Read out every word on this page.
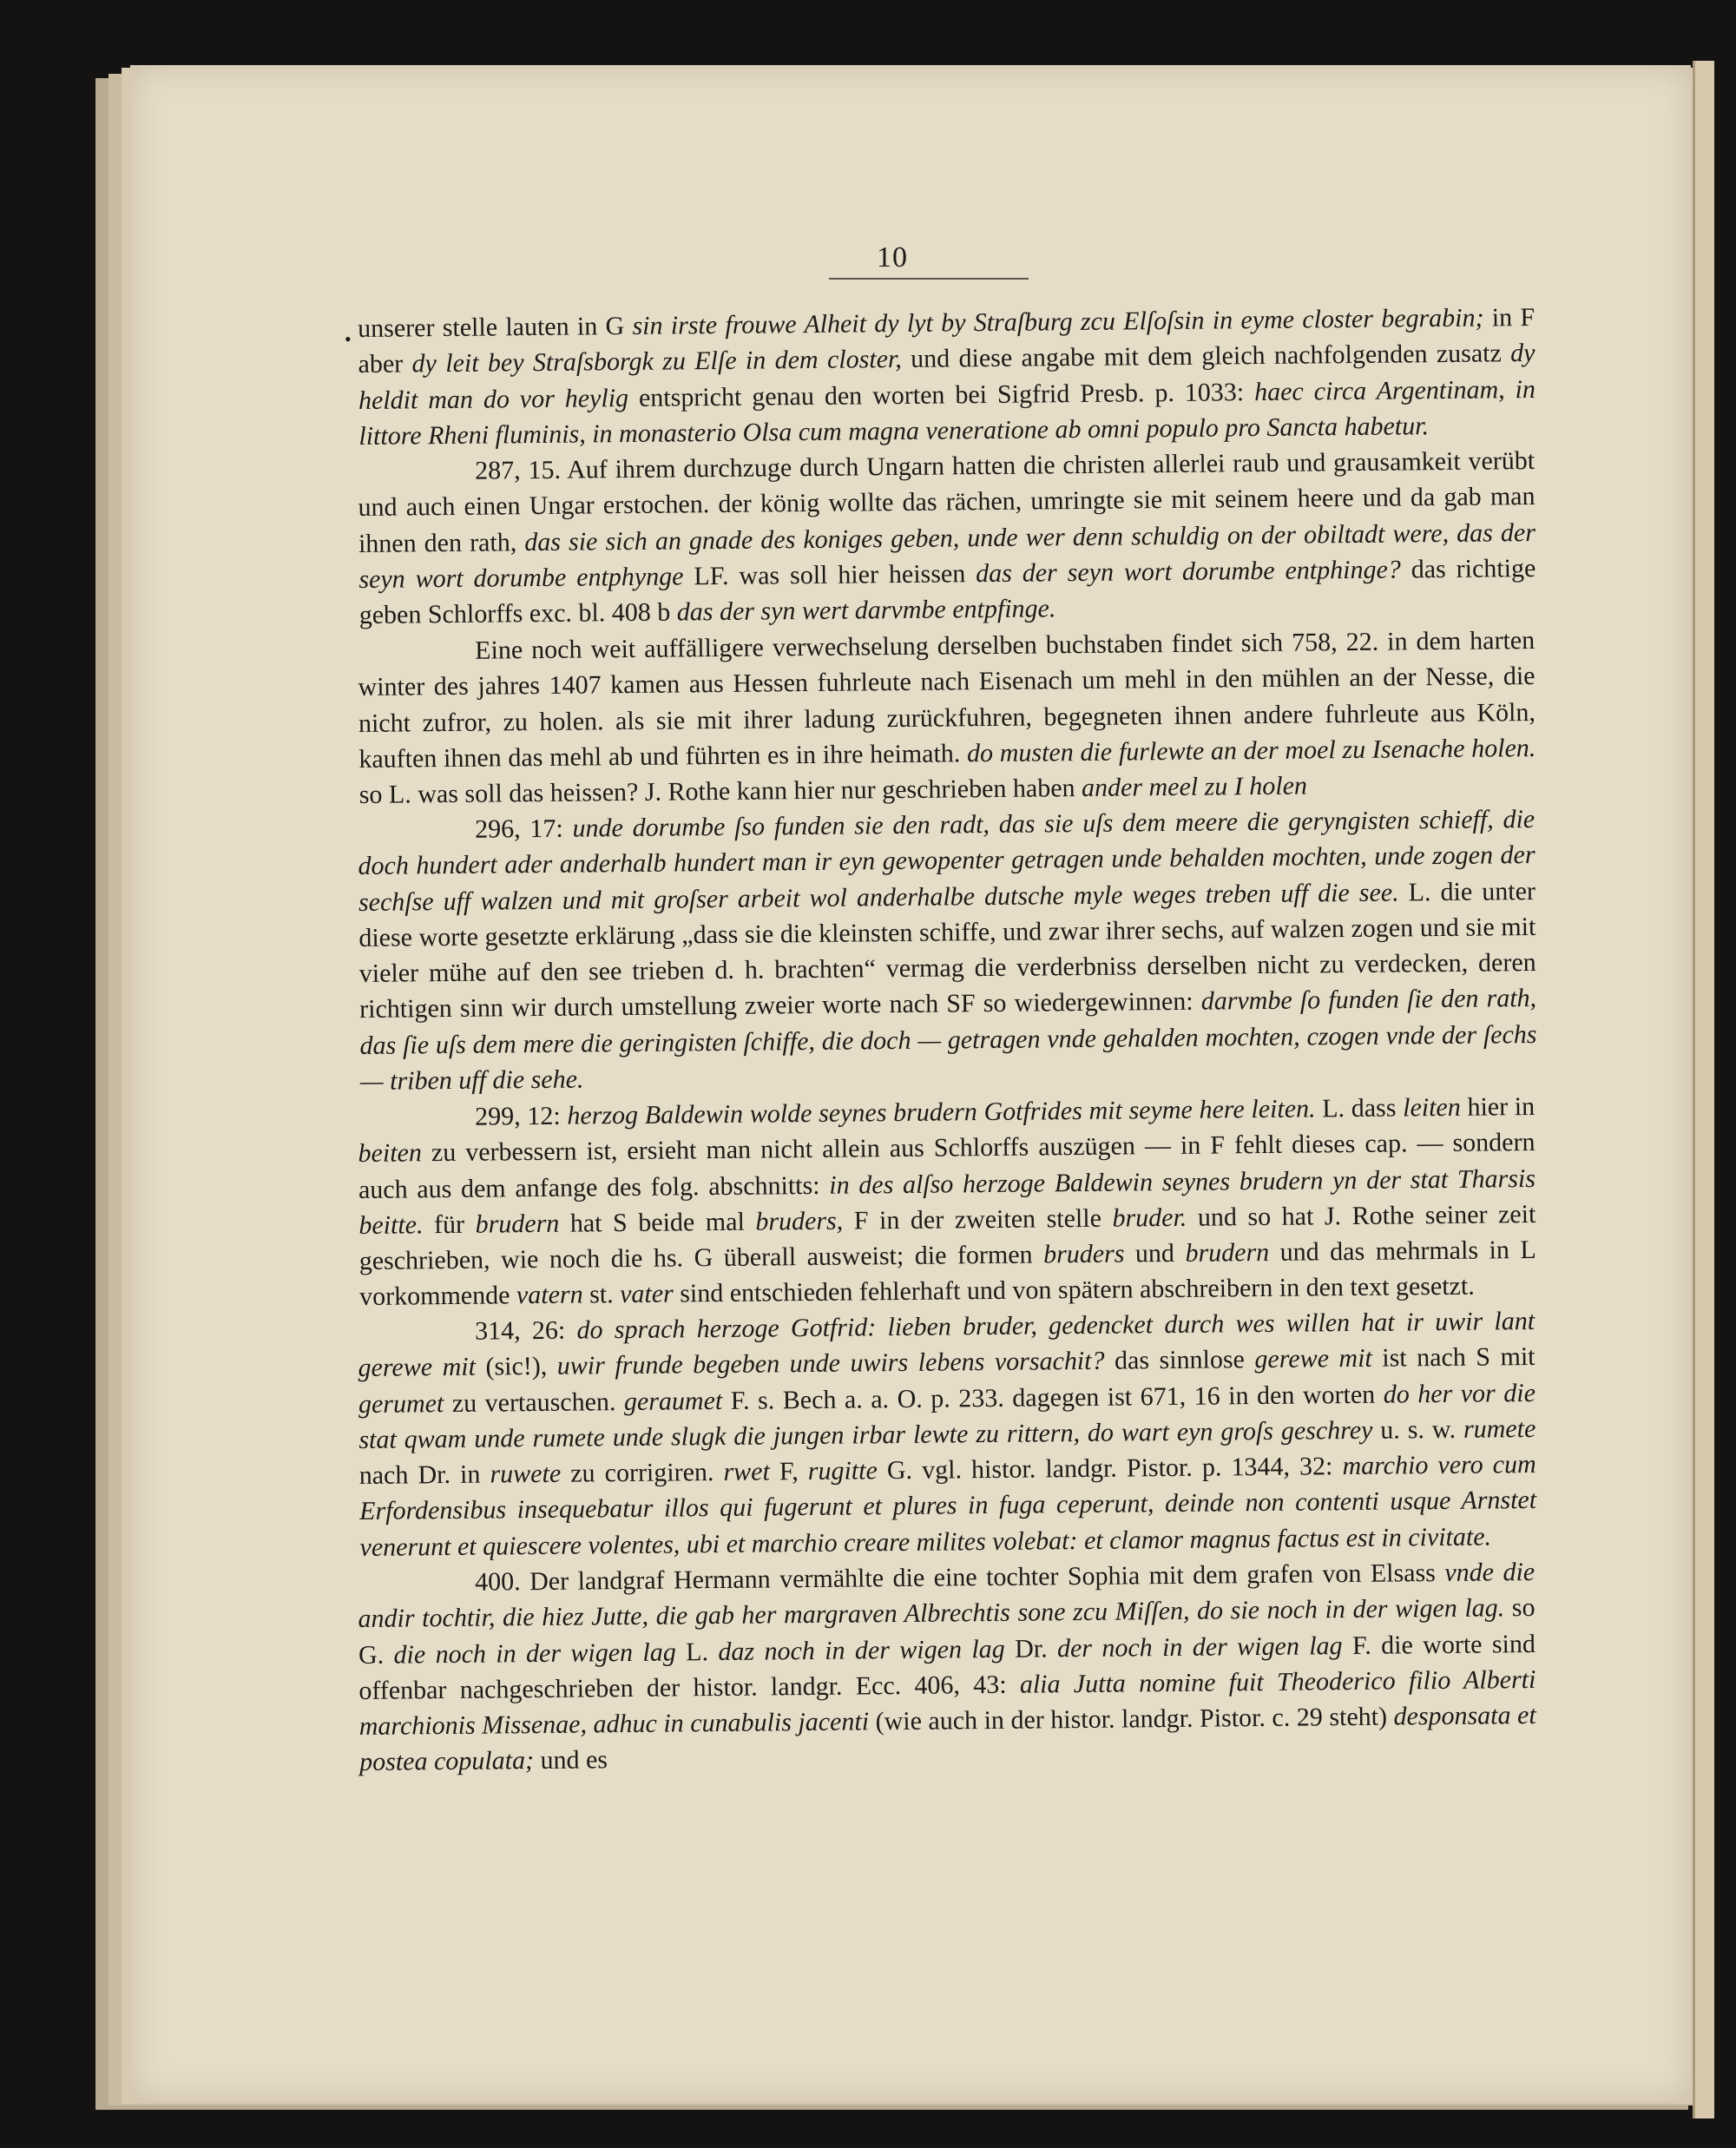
10
• unserer stelle lauten in G sin irste frouwe Alheit dy lyt by Straſburg zcu Elſoſsin in eyme closter begrabin; in F aber dy leit bey Straſsborgk zu Elſe in dem closter, und diese angabe mit dem gleich nachfolgenden zusatz dy heldit man do vor heylig entspricht genau den worten bei Sigfrid Presb. p. 1033: haec circa Argentinam, in littore Rheni fluminis, in monasterio Olsa cum magna veneratione ab omni populo pro Sancta habetur.

287, 15. Auf ihrem durchzuge durch Ungarn hatten die christen allerlei raub und grausamkeit verübt und auch einen Ungar erstochen. der könig wollte das rächen, umringte sie mit seinem heere und da gab man ihnen den rath, das sie sich an gnade des koniges geben, unde wer denn schuldig on der obiltadt were, das der seyn wort dorumbe entphynge LF. was soll hier heissen das der seyn wort dorumbe entphinge? das richtige geben Schlorffs exc. bl. 408 b das der syn wert darvmbe entpfinge.

Eine noch weit auffälligere verwechselung derselben buchstaben findet sich 758, 22. in dem harten winter des jahres 1407 kamen aus Hessen fuhrleute nach Eisenach um mehl in den mühlen an der Nesse, die nicht zufror, zu holen. als sie mit ihrer ladung zurückfuhren, begegneten ihnen andere fuhrleute aus Köln, kauften ihnen das mehl ab und führten es in ihre heimath. do musten die furlewte an der moel zu Isenache holen. so L. was soll das heissen? J. Rothe kann hier nur geschrieben haben ander meel zu I holen

296, 17: unde dorumbe ſso funden sie den radt, das sie uſs dem meere die geryngisten schieff, die doch hundert ader anderhalb hundert man ir eyn gewopenter getragen unde behalden mochten, unde zogen der sechſse uff walzen und mit groſser arbeit wol anderhalbe dutsche myle weges treben uff die see. L. die unter diese worte gesetzte erklärung „dass sie die kleinsten schiffe, und zwar ihrer sechs, auf walzen zogen und sie mit vieler mühe auf den see trieben d. h. brachten“ vermag die verderbniss derselben nicht zu verdecken, deren richtigen sinn wir durch umstellung zweier worte nach SF so wiedergewinnen: darvmbe ſo funden ſie den rath, das ſie uſs dem mere die geringisten ſchiffe, die doch — getragen vnde gehalden mochten, czogen vnde der ſechs — triben uff die sehe.

299, 12: herzog Baldewin wolde seynes brudern Gotfrides mit seyme here leiten. L. dass leiten hier in beiten zu verbessern ist, ersieht man nicht allein aus Schlorffs auszügen — in F fehlt dieses cap. — sondern auch aus dem anfange des folg. abschnitts: in des alſso herzoge Baldewin seynes brudern yn der stat Tharsis beitte. für brudern hat S beide mal bruders, F in der zweiten stelle bruder. und so hat J. Rothe seiner zeit geschrieben, wie noch die hs. G überall ausweist; die formen bruders und brudern und das mehrmals in L vorkommende vatern st. vater sind entschieden fehlerhaft und von spätern abschreibern in den text gesetzt.

314, 26: do sprach herzoge Gotfrid: lieben bruder, gedencket durch wes willen hat ir uwir lant gerewe mit (sic!), uwir frunde begeben unde uwirs lebens vorsachit? das sinnlose gerewe mit ist nach S mit gerumet zu vertauschen. geraumet F. s. Bech a. a. O. p. 233. dagegen ist 671, 16 in den worten do her vor die stat qwam unde rumete unde slugk die jungen irbar lewte zu rittern, do wart eyn groſs geschrey u. s. w. rumete nach Dr. in ruwete zu corrigiren. rwet F, rugitte G. vgl. histor. landgr. Pistor. p. 1344, 32: marchio vero cum Erfordensibus insequebatur illos qui fugerunt et plures in fuga ceperunt, deinde non contenti usque Arnstet venerunt et quiescere volentes, ubi et marchio creare milites volebat: et clamor magnus factus est in civitate.

400. Der landgraf Hermann vermählte die eine tochter Sophia mit dem grafen von Elsass vnde die andir tochtir, die hiez Jutte, die gab her margraven Albrechtis sone zcu Miſſen, do sie noch in der wigen lag. so G. die noch in der wigen lag L. daz noch in der wigen lag Dr. der noch in der wigen lag F. die worte sind offenbar nachgeschrieben der histor. landgr. Ecc. 406, 43: alia Jutta nomine fuit Theoderico filio Alberti marchionis Missenae, adhuc in cunabulis jacenti (wie auch in der histor. landgr. Pistor. c. 29 steht) desponsata et postea copulata; und es
